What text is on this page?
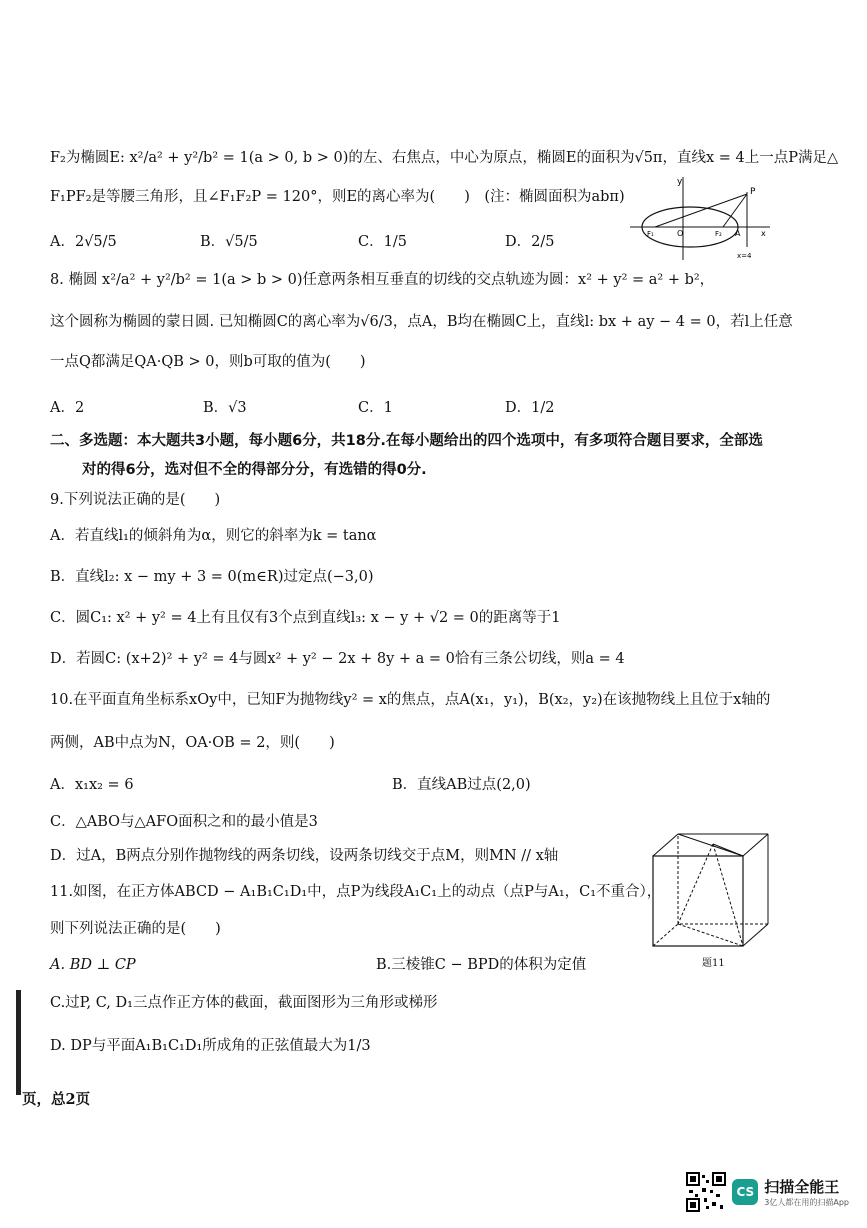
F₂为椭圆E: x²/a² + y²/b² = 1(a > 0, b > 0)的左、右焦点，中心为原点，椭圆E的面积为√5π，直线x = 4上一点P满足△
F₁PF₂是等腰三角形，且∠F₁F₂P = 120°，则E的离心率为(　　)　(注：椭圆面积为abπ)
A．2√5/5	B．√5/5	C．1/5	D．2/5
y
P
F₁	O	F₂ A	x
x=4
8. 椭圆 x²/a² + y²/b² = 1(a > b > 0)任意两条相互垂直的切线的交点轨迹为圆：x² + y² = a² + b²，
这个圆称为椭圆的蒙日圆. 已知椭圆C的离心率为√6/3，点A，B均在椭圆C上，直线l: bx + ay − 4 = 0，若l上任意
一点Q都满足QA·QB > 0，则b可取的值为(　　)
A．2	B．√3	C．1	D．1/2
二、多选题：本大题共3小题，每小题6分，共18分.在每小题给出的四个选项中，有多项符合题目要求，全部选
对的得6分，选对但不全的得部分分，有选错的得0分.
9.下列说法正确的是(　　)
A．若直线l₁的倾斜角为α，则它的斜率为k = tanα
B．直线l₂: x − my + 3 = 0(m∈R)过定点(−3,0)
C．圆C₁: x² + y² = 4上有且仅有3个点到直线l₃: x − y + √2 = 0的距离等于1
D．若圆C: (x+2)² + y² = 4与圆x² + y² − 2x + 8y + a = 0恰有三条公切线，则a = 4
10.在平面直角坐标系xOy中，已知F为抛物线y² = x的焦点，点A(x₁，y₁)，B(x₂，y₂)在该抛物线上且位于x轴的
两侧，AB中点为N，OA·OB = 2，则(　　)
A．x₁x₂ = 6	B．直线AB过点(2,0)
C．△ABO与△AFO面积之和的最小值是3
D．过A，B两点分别作抛物线的两条切线，设两条切线交于点M，则MN // x轴
11.如图，在正方体ABCD − A₁B₁C₁D₁中，点P为线段A₁C₁上的动点（点P与A₁，C₁不重合），
则下列说法正确的是(　　)
A. BD ⊥ CP	B.三棱锥C − BPD的体积为定值
C.过P, C, D₁三点作正方体的截面，截面图形为三角形或梯形
D. DP与平面A₁B₁C₁D₁所成角的正弦值最大为1/3
题11
页，总2页
CS 扫描全能王
3亿人都在用的扫描App
